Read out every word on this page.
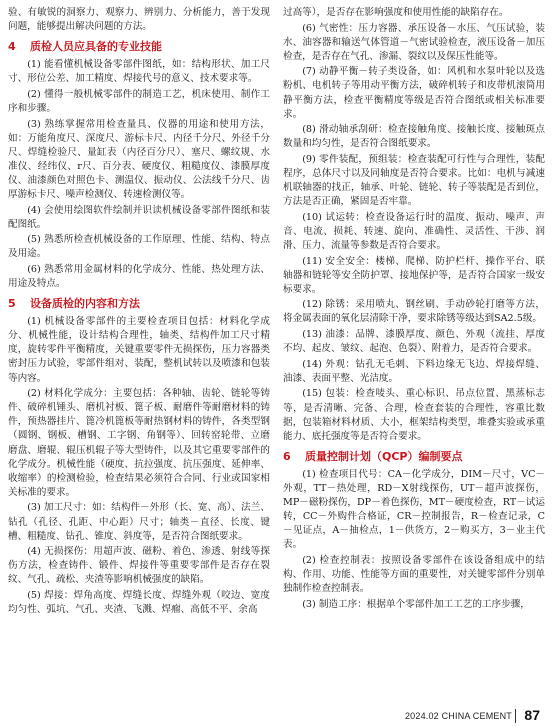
验、有敏锐的洞察力、观察力、辨别力、分析能力，善于发现问题，能够提出解决问题的方法。

4 质检人员应具备的专业技能

(1) 能看懂机械设备零部件图纸，如：结构形状、加工尺寸、形位公差、加工精度、焊接代号的意义、技术要求等。

(2) 懂得一般机械零部件的制造工艺，机床使用、制作工序和步骤。

(3) 熟练掌握常用检查量具、仪器的用途和使用方法，如：万能角度尺、深度尺、游标卡尺、内径千分尺、外径千分尺、焊缝检验尺、量缸表（内径百分尺）、塞尺、螺纹规、水准仪、经纬仪、r尺、百分表、硬度仪、粗糙度仪、漆膜厚度仪、油漆颜色对照色卡、测温仪、振动仪、公法线千分尺、齿厚游标卡尺、噪声检测仪、转速检测仪等。

(4) 会使用绘图软件绘制并识读机械设备零部件图纸和装配图纸。

(5) 熟悉所检查机械设备的工作原理、性能、结构、特点及用途。

(6) 熟悉常用金属材料的化学成分、性能、热处理方法、用途及特点。

5 设备质检的内容和方法

(1) 机械设备零部件的主要检查项目包括：材料化学成分、机械性能，设计结构合理性，轴类、结构件加工尺寸精度，旋转零件平衡精度，关键重要零件无损探伤，压力容器类密封压力试验，零部件组对、装配，整机试转以及喷漆和包装等内容。

(2) 材料化学成分：主要包括：各种轴、齿轮、链轮等铸件、破碎机锤头、磨机衬板、篦子板、耐磨件等耐磨材料的铸件，预热器挂片、篦冷机篦板等耐热钢材料的铸件，各类型钢（圆钢、钢板、槽钢、工字钢、角钢等）、回转窑轮带、立磨磨盘、磨辊、辊压机辊子等大型铸件，以及其它重要零部件的化学成分。机械性能（硬度、抗拉强度、抗压强度、延伸率、收缩率）的检测检验，检查结果必须符合合同、行业或国家相关标准的要求。

(3) 加工尺寸：如：结构件－外形（长、宽、高）、法兰、钻孔（孔径、孔距、中心距）尺寸；轴类－直径、长度、键槽、粗糙度、钻孔、锥度、斜度等，是否符合图纸要求。

(4) 无损探伤：用超声波、磁粉、着色、渗透、射线等探伤方法，检查铸件、锻件、焊接件等重要零部件是否存在裂纹、气孔、疏松、夹渣等影响机械强度的缺陷。

(5) 焊接：焊角高度、焊缝长度、焊缝外观（咬边、宽度均匀性、弧坑、气孔、夹渣、飞溅、焊瘤、高低不平、余高

过高等），是否存在影响强度和使用性能的缺陷存在。

(6) 气密性：压力容器、承压设备－水压、气压试验，装水、油容器和输送气体管道－气密试验检查，液压设备－加压检查，是否存在气孔、渗漏、裂纹以及保压性能等。

(7) 动静平衡－转子类设备，如：风机和水泵叶轮以及选粉机、电机转子等用动平衡方法，破碎机转子和皮带机滚筒用静平衡方法，检查平衡精度等级是否符合图纸或相关标准要求。

(8) 滑动轴承刮研：检查接触角度、接触长度、接触斑点数量和均匀性，是否符合图纸要求。

(9) 零件装配，预组装：检查装配可行性与合理性，装配程序，总体尺寸以及同轴度是否符合要求。比如：电机与减速机联轴器的找正，轴承、叶轮、链轮、转子等装配是否到位，方法是否正确，紧固是否牢靠。

(10) 试运转：检查设备运行时的温度、振动、噪声、声音、电流、损耗、转速、旋向、准确性、灵活性、干涉、润滑、压力、流量等参数是否符合要求。

(11) 安全安全：楼梯、爬梯、防护栏杆、操作平台、联轴器和链轮等安全防护罩、接地保护等，是否符合国家一级安标要求。

(12) 除锈：采用喷丸、钢丝刷、手动砂轮打磨等方法，将金属表面的氧化层清除干净，要求除锈等级达到SA2.5级。

(13) 油漆：品牌、漆膜厚度、颜色、外观（流挂、厚度不均、起皮、皱纹、起泡、色裂）、附着力，是否符合要求。

(14) 外观：钻孔无毛刺、下料边缘无飞边、焊接焊缝、油漆、表面平整、光洁度。

(15) 包装：检查唛头、重心标识、吊点位置、黑蒸标志等，是否清晰、完备、合理，检查套装的合理性，容重比数据，包装箱材料材质、大小，框架结构类型，堆叠实验或承重能力、底托强度等是否符合要求。

6 质量控制计划（QCP）编制要点

(1) 检查项目代号：CA－化学成分，DIM－尺寸，VC－外观，TT－热处理，RD－X射线探伤，UT－超声波探伤，MP－磁粉探伤，DP－着色探伤，MT－硬度检查，RT－试运转，CC－外购件合格证，CR－控制报告，R－检查记录，C－见证点，A－抽检点，1－供货方，2－购买方，3－业主代表。

(2) 检查控制表：按照设备零部件在该设备组成中的结构、作用、功能、性能等方面的重要性，对关键零部件分别单独制作检查控制表。

(3) 制造工序：根据单个零部件加工工艺的工序步骤，

2024.02 CHINA CEMENT 87
